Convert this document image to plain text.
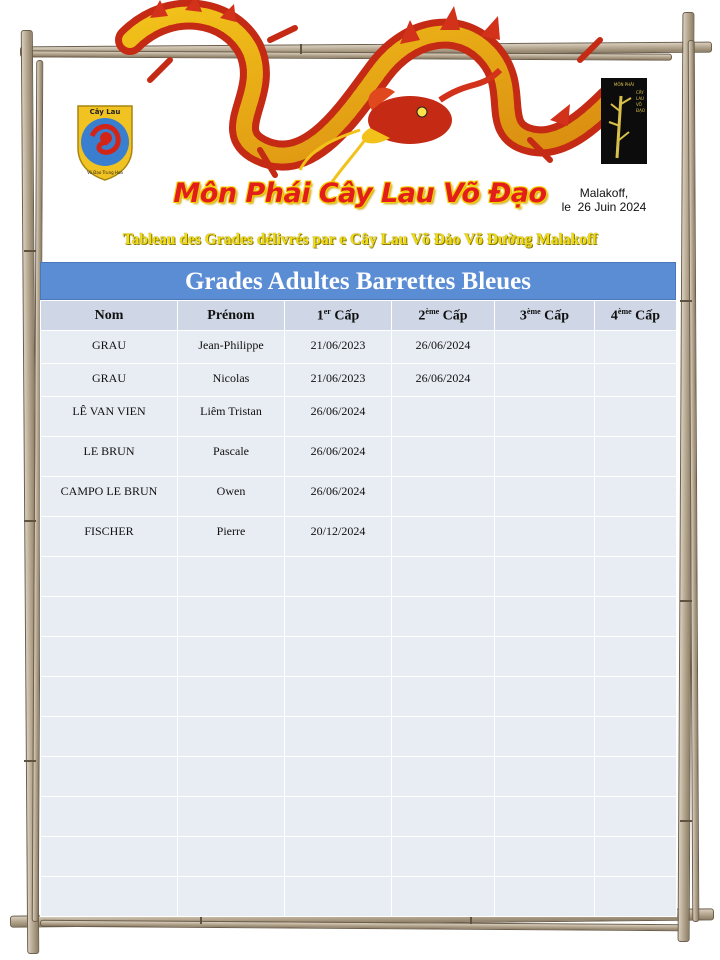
Cây Lau
Võ Đạo Trung Hoa
MÔN PHÁI
CÂY LAU VÕ ĐẠO
Môn Phái Cây Lau Võ Đạo	Malakoff,
le  26 Juin 2024
Tableau des Grades délivrés par e Cây Lau Võ Đảo Võ Đường Malakoff
Grades Adultes Barrettes Bleues
Nom	Prénom	1er Cấp	2ème Cấp	3ème Cấp	4ème Cấp
GRAU	Jean-Philippe	21/06/2023	26/06/2024		
GRAU	Nicolas	21/06/2023	26/06/2024		
LÊ VAN VIEN	Liêm Tristan	26/06/2024			
LE BRUN	Pascale	26/06/2024			
CAMPO LE BRUN	Owen	26/06/2024			
FISCHER	Pierre	20/12/2024			
